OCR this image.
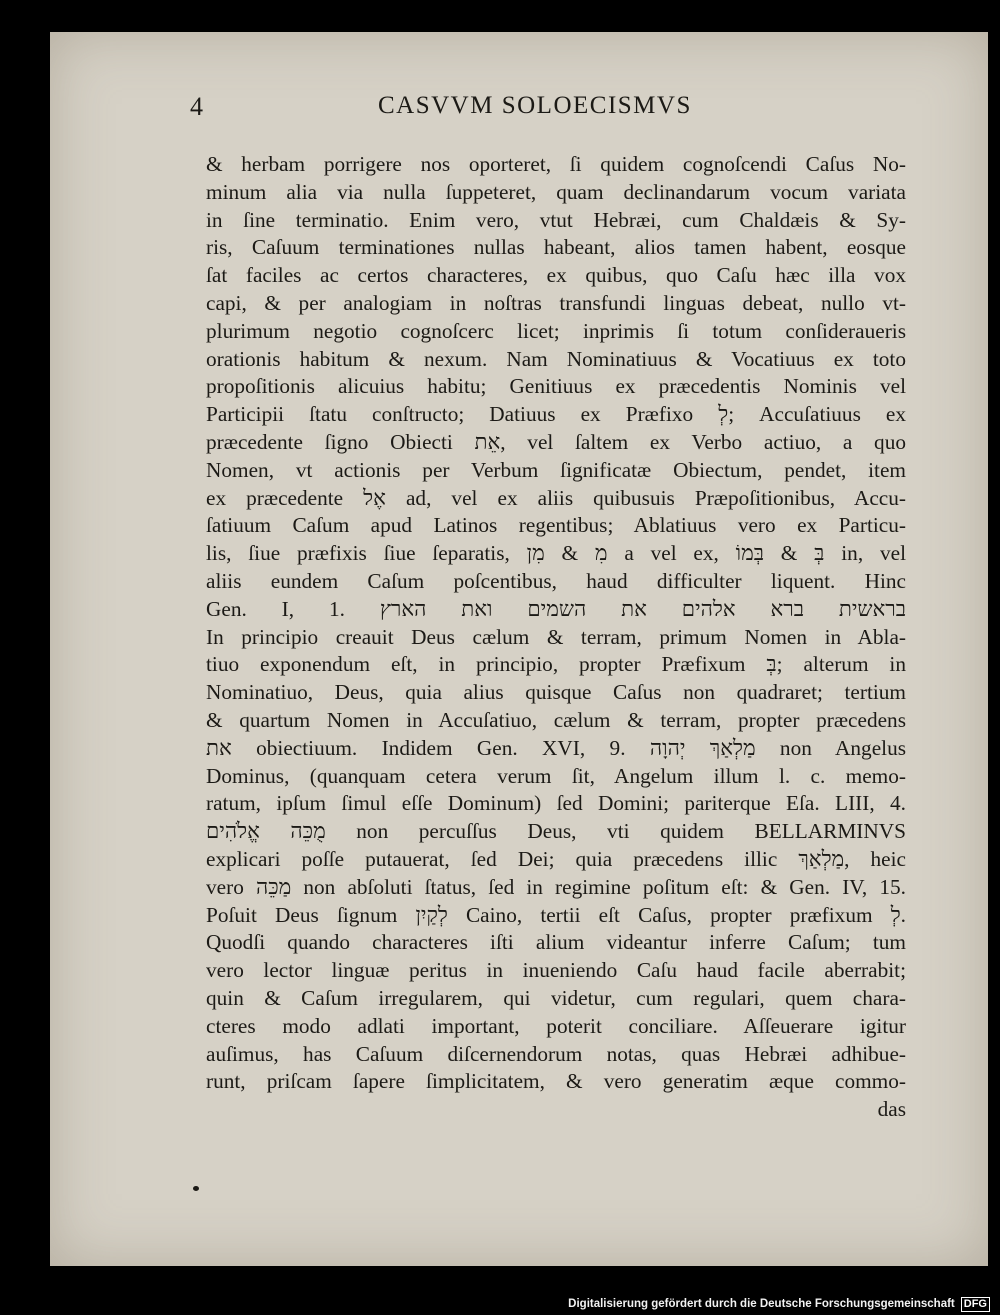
4	CASVVM SOLOECISMVS
& herbam porrigere nos oporteret, ſi quidem cognoſcendi Caſus No-
minum alia via nulla ſuppeteret, quam declinandarum vocum variata
in ſine terminatio. Enim vero, vtut Hebræi, cum Chaldæis & Sy-
ris, Caſuum terminationes nullas habeant, alios tamen habent, eosque
ſat faciles ac certos characteres, ex quibus, quo Caſu hæc illa vox
capi, & per analogiam in noſtras transfundi linguas debeat, nullo vt-
plurimum negotio cognoſcerc licet; inprimis ſi totum conſideraueris
orationis habitum & nexum. Nam Nominatiuus & Vocatiuus ex toto
propoſitionis alicuius habitu; Genitiuus ex præcedentis Nominis vel
Participii ſtatu conſtructo; Datiuus ex Præfixo לְ; Accuſatiuus ex
præcedente ſigno Obiecti אֵת, vel ſaltem ex Verbo actiuo, a quo
Nomen, vt actionis per Verbum ſignificatæ Obiectum, pendet, item
ex præcedente אֶל ad, vel ex aliis quibusuis Præpoſitionibus, Accu-
ſatiuum Caſum apud Latinos regentibus; Ablatiuus vero ex Particu-
lis, ſiue præfixis ſiue ſeparatis, מִ & מִן a vel ex, בְּ & בְּמוֹ in, vel
aliis eundem Caſum poſcentibus, haud difficulter liquent. Hinc
Gen. I, 1. בראשית ברא אלהים את השמים ואת הארץ
In principio creauit Deus cælum & terram, primum Nomen in Abla-
tiuo exponendum eſt, in principio, propter Præfixum בְּ; alterum in
Nominatiuo, Deus, quia alius quisque Caſus non quadraret; tertium
& quartum Nomen in Accuſatiuo, cælum & terram, propter præcedens
את obiectiuum. Indidem Gen. XVI, 9. מַלְאַךְ יְהוָה non Angelus
Dominus, (quanquam cetera verum ſit, Angelum illum l. c. memo-
ratum, ipſum ſimul eſſe Dominum) ſed Domini; pariterque Eſa. LIII, 4.
מֻכֵּה אֱלֹהִים non percuſſus Deus, vti quidem BELLARMINVS
explicari poſſe putauerat, ſed Dei; quia præcedens illic מַלְאַךְ, heic
vero מַכֵּה non abſoluti ſtatus, ſed in regimine poſitum eſt: & Gen. IV, 15.
Poſuit Deus ſignum לְקַיִן Caino, tertii eſt Caſus, propter præfixum לְ.
Quodſi quando characteres iſti alium videantur inferre Caſum; tum
vero lector linguæ peritus in inueniendo Caſu haud facile aberrabit;
quin & Caſum irregularem, qui videtur, cum regulari, quem chara-
cteres modo adlati important, poterit conciliare. Aſſeuerare igitur
auſimus, has Caſuum diſcernendorum notas, quas Hebræi adhibue-
runt, priſcam ſapere ſimplicitatem, & vero generatim æque commo-
das
Digitalisierung gefördert durch die Deutsche Forschungsgemeinschaft DFG
